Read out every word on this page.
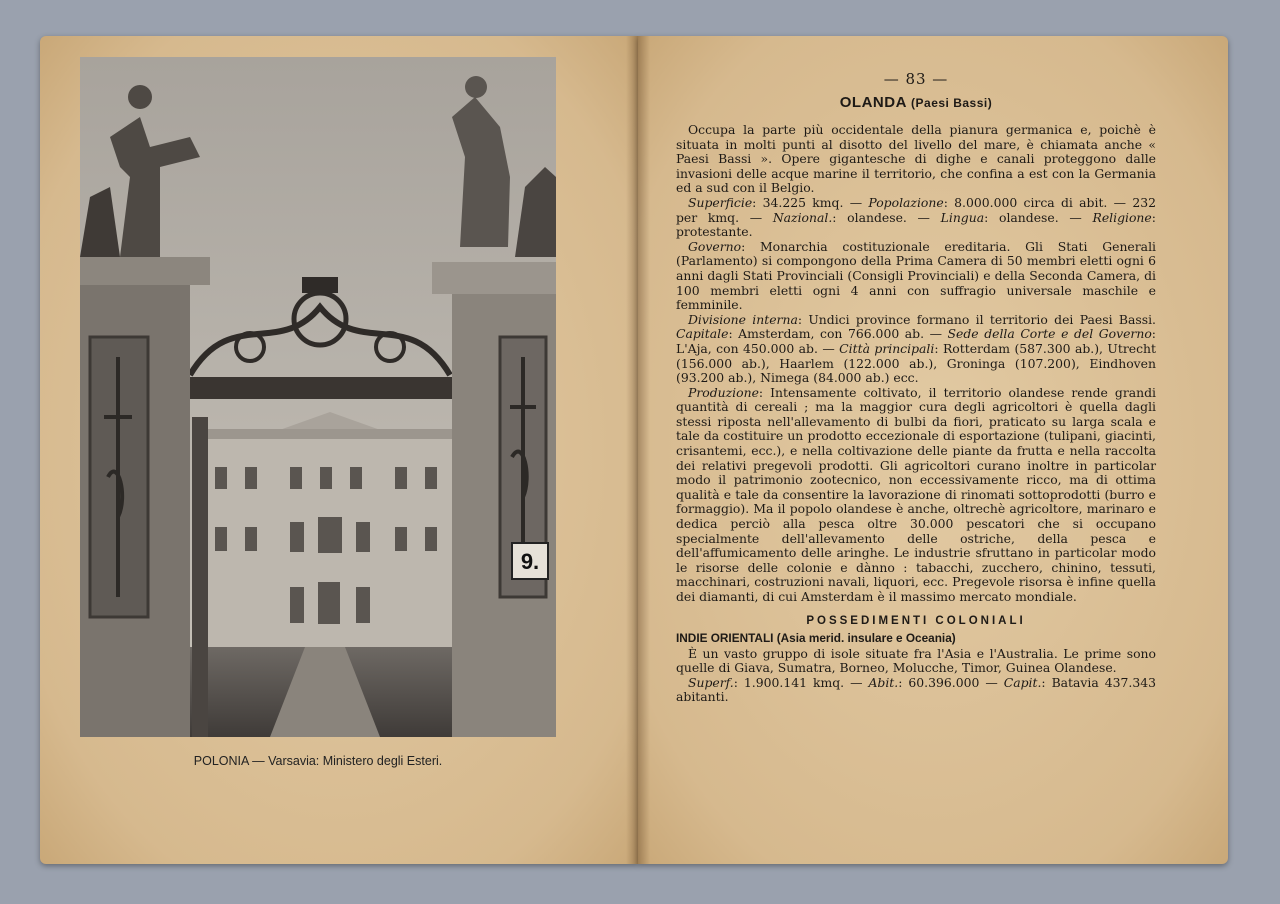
9.
POLONIA — Varsavia: Ministero degli Esteri.
— 83 —
OLANDA (Paesi Bassi)

Occupa la parte più occidentale della pianura germanica e, poichè è situata in molti punti al disotto del livello del mare, è chiamata anche « Paesi Bassi ». Opere gigantesche di dighe e canali proteggono dalle invasioni delle acque marine il territorio, che confina a est con la Germania ed a sud con il Belgio.

Superficie: 34.225 kmq. — Popolazione: 8.000.000 circa di abit. — 232 per kmq. — Nazional.: olandese. — Lingua: olandese. — Religione: protestante.

Governo: Monarchia costituzionale ereditaria. Gli Stati Generali (Parlamento) si compongono della Prima Camera di 50 membri eletti ogni 6 anni dagli Stati Provinciali (Consigli Provinciali) e della Seconda Camera, di 100 membri eletti ogni 4 anni con suffragio universale maschile e femminile.

Divisione interna: Undici province formano il territorio dei Paesi Bassi. Capitale: Amsterdam, con 766.000 ab. — Sede della Corte e del Governo: L'Aja, con 450.000 ab. — Città principali: Rotterdam (587.300 ab.), Utrecht (156.000 ab.), Haarlem (122.000 ab.), Groninga (107.200), Eindhoven (93.200 ab.), Nimega (84.000 ab.) ecc.

Produzione: Intensamente coltivato, il territorio olandese rende grandi quantità di cereali ; ma la maggior cura degli agricoltori è quella dagli stessi riposta nell'allevamento di bulbi da fiori, praticato su larga scala e tale da costituire un prodotto eccezionale di esportazione (tulipani, giacinti, crisantemi, ecc.), e nella coltivazione delle piante da frutta e nella raccolta dei relativi pregevoli prodotti. Gli agricoltori curano inoltre in particolar modo il patrimonio zootecnico, non eccessivamente ricco, ma di ottima qualità e tale da consentire la lavorazione di rinomati sottoprodotti (burro e formaggio). Ma il popolo olandese è anche, oltrechè agricoltore, marinaro e dedica perciò alla pesca oltre 30.000 pescatori che si occupano specialmente dell'allevamento delle ostriche, della pesca e dell'affumicamento delle aringhe. Le industrie sfruttano in particolar modo le risorse delle colonie e dànno : tabacchi, zucchero, chinino, tessuti, macchinari, costruzioni navali, liquori, ecc. Pregevole risorsa è infine quella dei diamanti, di cui Amsterdam è il massimo mercato mondiale.

POSSEDIMENTI COLONIALI
INDIE ORIENTALI (Asia merid. insulare e Oceania)

È un vasto gruppo di isole situate fra l'Asia e l'Australia. Le prime sono quelle di Giava, Sumatra, Borneo, Molucche, Timor, Guinea Olandese.

Superf.: 1.900.141 kmq. — Abit.: 60.396.000 — Capit.: Batavia 437.343 abitanti.
